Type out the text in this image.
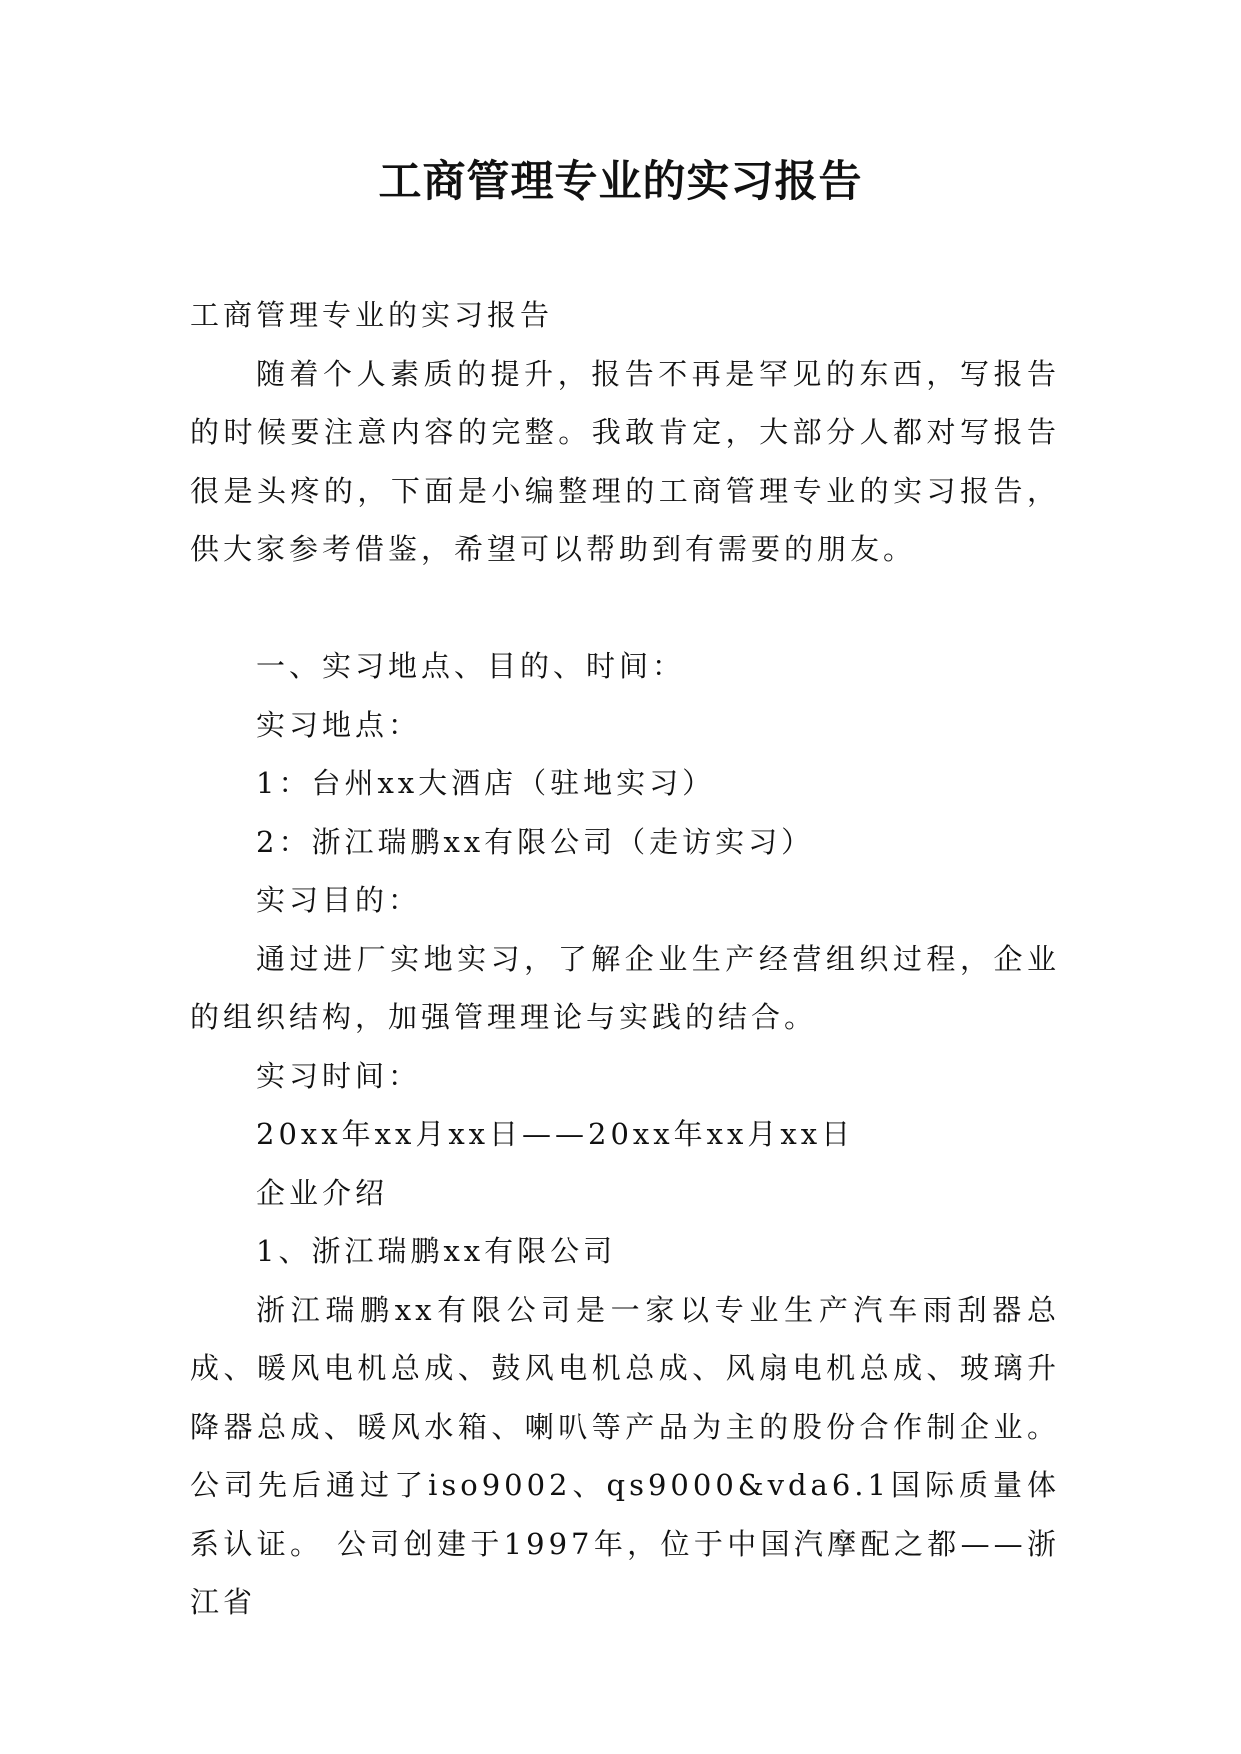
工商管理专业的实习报告

工商管理专业的实习报告

随着个人素质的提升，报告不再是罕见的东西，写报告的时候要注意内容的完整。我敢肯定，大部分人都对写报告很是头疼的，下面是小编整理的工商管理专业的实习报告，供大家参考借鉴，希望可以帮助到有需要的朋友。

一、实习地点、目的、时间：

实习地点：

1：台州xx大酒店（驻地实习）

2：浙江瑞鹏xx有限公司（走访实习）

实习目的：

通过进厂实地实习，了解企业生产经营组织过程，企业的组织结构，加强管理理论与实践的结合。

实习时间：

20xx年xx月xx日——20xx年xx月xx日

企业介绍

1、浙江瑞鹏xx有限公司

浙江瑞鹏xx有限公司是一家以专业生产汽车雨刮器总成、暖风电机总成、鼓风电机总成、风扇电机总成、玻璃升降器总成、暖风水箱、喇叭等产品为主的股份合作制企业。公司先后通过了iso9002、qs9000&vda6.1国际质量体系认证。 公司创建于1997年，位于中国汽摩配之都——浙江省
